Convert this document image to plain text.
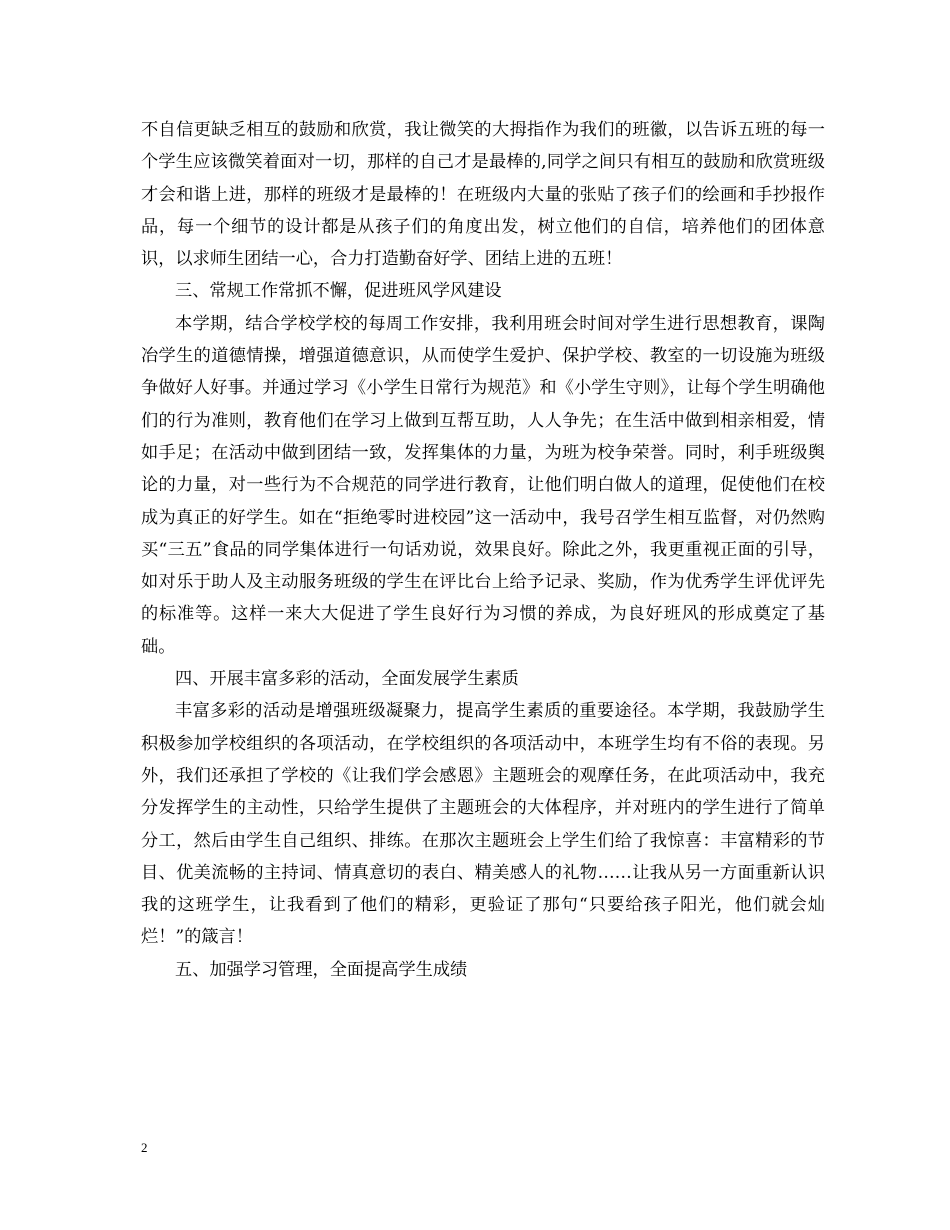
不自信更缺乏相互的鼓励和欣赏，我让微笑的大拇指作为我们的班徽，以告诉五班的每一个学生应该微笑着面对一切，那样的自己才是最棒的,同学之间只有相互的鼓励和欣赏班级才会和谐上进，那样的班级才是最棒的！在班级内大量的张贴了孩子们的绘画和手抄报作品，每一个细节的设计都是从孩子们的角度出发，树立他们的自信，培养他们的团体意识，以求师生团结一心，合力打造勤奋好学、团结上进的五班！

三、常规工作常抓不懈，促进班风学风建设

本学期，结合学校学校的每周工作安排，我利用班会时间对学生进行思想教育，课陶冶学生的道德情操，增强道德意识，从而使学生爱护、保护学校、教室的一切设施为班级争做好人好事。并通过学习《小学生日常行为规范》和《小学生守则》，让每个学生明确他们的行为准则，教育他们在学习上做到互帮互助，人人争先；在生活中做到相亲相爱，情如手足；在活动中做到团结一致，发挥集体的力量，为班为校争荣誉。同时，利手班级舆论的力量，对一些行为不合规范的同学进行教育，让他们明白做人的道理，促使他们在校成为真正的好学生。如在“拒绝零时进校园”这一活动中，我号召学生相互监督，对仍然购买“三五”食品的同学集体进行一句话劝说，效果良好。除此之外，我更重视正面的引导，如对乐于助人及主动服务班级的学生在评比台上给予记录、奖励，作为优秀学生评优评先的标准等。这样一来大大促进了学生良好行为习惯的养成，为良好班风的形成奠定了基础。

四、开展丰富多彩的活动，全面发展学生素质

丰富多彩的活动是增强班级凝聚力，提高学生素质的重要途径。本学期，我鼓励学生积极参加学校组织的各项活动，在学校组织的各项活动中，本班学生均有不俗的表现。另外，我们还承担了学校的《让我们学会感恩》主题班会的观摩任务，在此项活动中，我充分发挥学生的主动性，只给学生提供了主题班会的大体程序，并对班内的学生进行了简单分工，然后由学生自己组织、排练。在那次主题班会上学生们给了我惊喜：丰富精彩的节目、优美流畅的主持词、情真意切的表白、精美感人的礼物……让我从另一方面重新认识我的这班学生，让我看到了他们的精彩，更验证了那句“只要给孩子阳光，他们就会灿烂！”的箴言！

五、加强学习管理，全面提高学生成绩

2
